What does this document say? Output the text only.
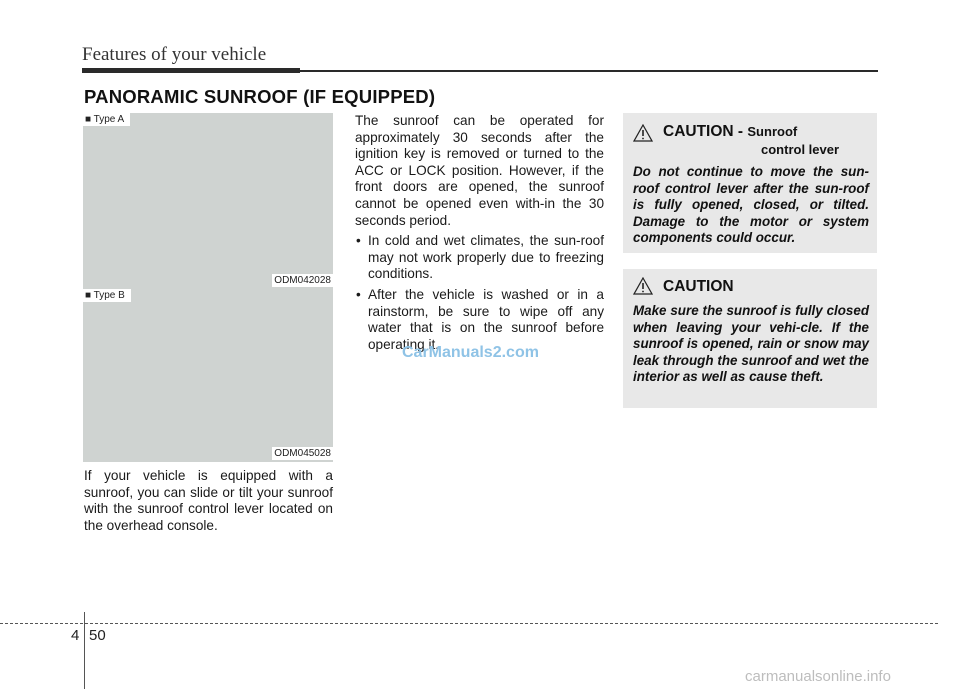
Features of your vehicle
PANORAMIC SUNROOF (IF EQUIPPED)
■ Type A
ODM042028
■ Type B
ODM045028
If your vehicle is equipped with a sunroof, you can slide or tilt your sunroof with the sunroof control lever located on the overhead console.

The sunroof can be operated for approximately 30 seconds after the ignition key is removed or turned to the ACC or LOCK position. However, if the front doors are opened, the sunroof cannot be opened even with-in the 30 seconds period.

• In cold and wet climates, the sun-roof may not work properly due to freezing conditions.
• After the vehicle is washed or in a rainstorm, be sure to wipe off any water that is on the sunroof before operating it.
CarManuals2.com
CAUTION - Sunroof
control lever
Do not continue to move the sun-roof control lever after the sun-roof is fully opened, closed, or tilted. Damage to the motor or system components could occur.
CAUTION
Make sure the sunroof is fully closed when leaving your vehi-cle. If the sunroof is opened, rain or snow may leak through the sunroof and wet the interior as well as cause theft.
4 50
carmanualsonline.info
